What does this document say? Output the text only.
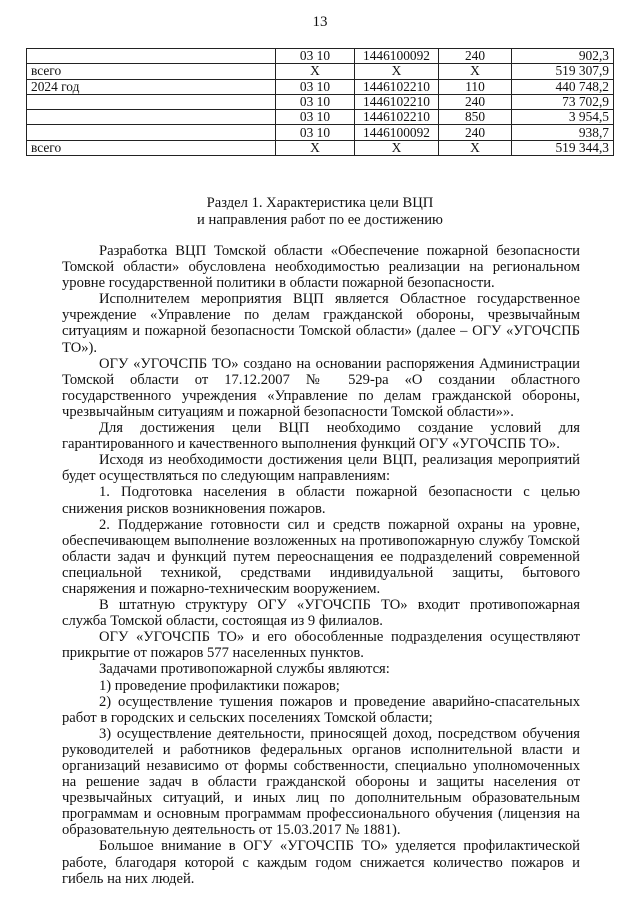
13
	03 10	1446100092	240	902,3
всего	Х	Х	Х	519 307,9
2024 год	03 10	1446102210	110	440 748,2
	03 10	1446102210	240	73 702,9
	03 10	1446102210	850	3 954,5
	03 10	1446100092	240	938,7
всего	Х	Х	Х	519 344,3
Раздел 1. Характеристика цели ВЦП
и направления работ по ее достижению

Разработка ВЦП Томской области «Обеспечение пожарной безопасности Томской области» обусловлена необходимостью реализации на региональном уровне государственной политики в области пожарной безопасности.

Исполнителем мероприятия ВЦП является Областное государственное учреждение «Управление по делам гражданской обороны, чрезвычайным ситуациям и пожарной безопасности Томской области» (далее – ОГУ «УГОЧСПБ ТО»).

ОГУ «УГОЧСПБ ТО» создано на основании распоряжения Администрации Томской области от 17.12.2007 № 529-ра «О создании областного государственного учреждения «Управление по делам гражданской обороны, чрезвычайным ситуациям и пожарной безопасности Томской области»».

Для достижения цели ВЦП необходимо создание условий для гарантированного и качественного выполнения функций ОГУ «УГОЧСПБ ТО».

Исходя из необходимости достижения цели ВЦП, реализация мероприятий будет осуществляться по следующим направлениям:

1. Подготовка населения в области пожарной безопасности с целью снижения рисков возникновения пожаров.

2. Поддержание готовности сил и средств пожарной охраны на уровне, обеспечивающем выполнение возложенных на противопожарную службу Томской области задач и функций путем переоснащения ее подразделений современной специальной техникой, средствами индивидуальной защиты, бытового снаряжения и пожарно-техническим вооружением.

В штатную структуру ОГУ «УГОЧСПБ ТО» входит противопожарная служба Томской области, состоящая из 9 филиалов.

ОГУ «УГОЧСПБ ТО» и его обособленные подразделения осуществляют прикрытие от пожаров 577 населенных пунктов.

Задачами противопожарной службы являются:

1) проведение профилактики пожаров;

2) осуществление тушения пожаров и проведение аварийно-спасательных работ в городских и сельских поселениях Томской области;

3) осуществление деятельности, приносящей доход, посредством обучения руководителей и работников федеральных органов исполнительной власти и организаций независимо от формы собственности, специально уполномоченных на решение задач в области гражданской обороны и защиты населения от чрезвычайных ситуаций, и иных лиц по дополнительным образовательным программам и основным программам профессионального обучения (лицензия на образовательную деятельность от 15.03.2017 № 1881).

Большое внимание в ОГУ «УГОЧСПБ ТО» уделяется профилактической работе, благодаря которой с каждым годом снижается количество пожаров и гибель на них людей.
